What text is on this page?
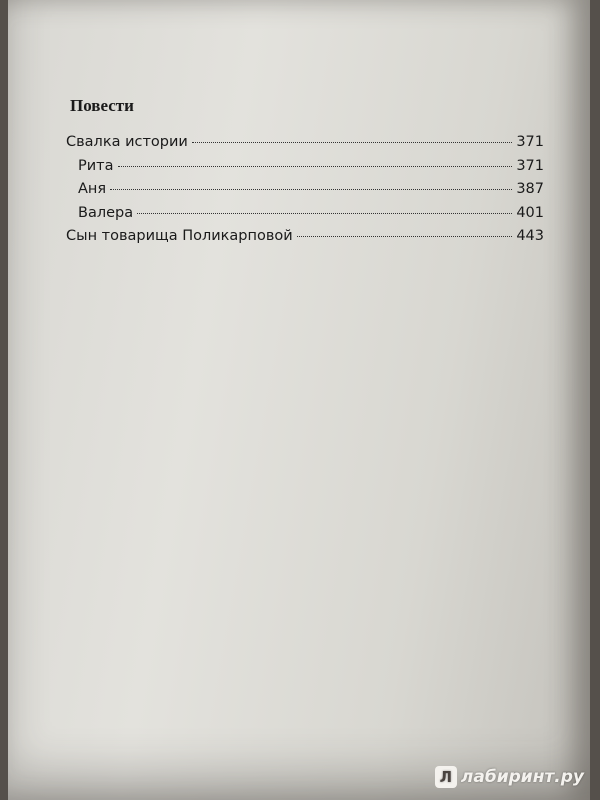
ﾠ
Повести
Свалка истории	371
Рита	371
Аня	387
Валера	401
Сын товарища Поликарповой	443
Л лабиринт.ру
